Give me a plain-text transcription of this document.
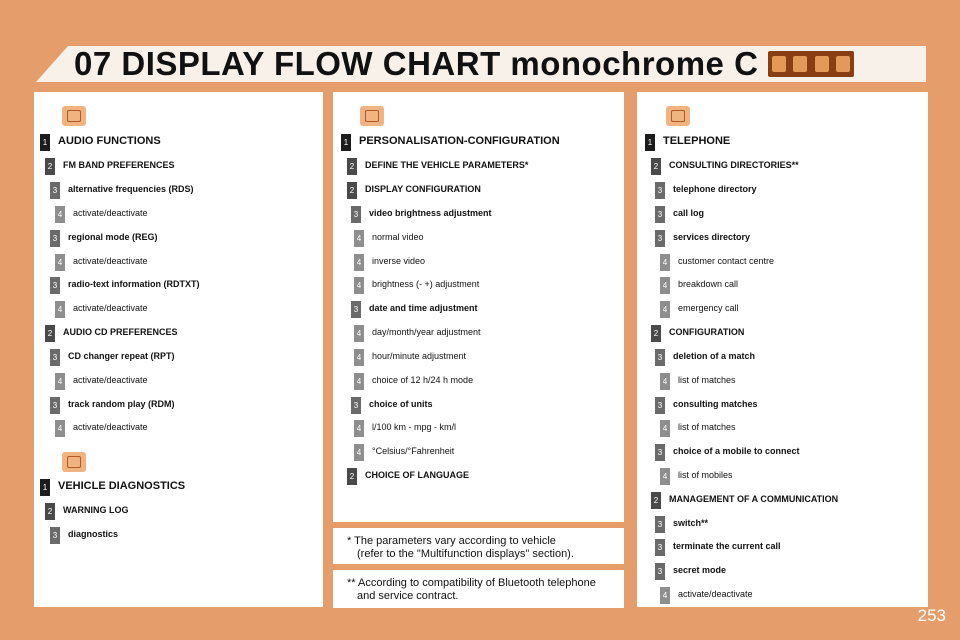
07 DISPLAY FLOW CHART monochrome C
1 AUDIO FUNCTIONS
2	FM BAND PREFERENCES
3	alternative frequencies (RDS)
4	activate/deactivate
3	regional mode (REG)
4	activate/deactivate
3	radio-text information (RDTXT)
4	activate/deactivate
2	AUDIO CD PREFERENCES
3	CD changer repeat (RPT)
4	activate/deactivate
3	track random play (RDM)
4	activate/deactivate
1 VEHICLE DIAGNOSTICS
2	WARNING LOG
3	diagnostics
1 PERSONALISATION-CONFIGURATION
2	DEFINE THE VEHICLE PARAMETERS*
2	DISPLAY CONFIGURATION
3	video brightness adjustment
4	normal video
4	inverse video
4	brightness (- +) adjustment
3	date and time adjustment
4	day/month/year adjustment
4	hour/minute adjustment
4	choice of 12 h/24 h mode
3	choice of units
4	l/100 km - mpg - km/l
4	°Celsius/°Fahrenheit
2	CHOICE OF LANGUAGE
* The parameters vary according to vehicle
(refer to the "Multifunction displays" section).
** According to compatibility of Bluetooth telephone
and service contract.
1 TELEPHONE
2	CONSULTING DIRECTORIES**
3	telephone directory
3	call log
3	services directory
4	customer contact centre
4	breakdown call
4	emergency call
2	CONFIGURATION
3	deletion of a match
4	list of matches
3	consulting matches
4	list of matches
3	choice of a mobile to connect
4	list of mobiles
2	MANAGEMENT OF A COMMUNICATION
3	switch**
3	terminate the current call
3	secret mode
4	activate/deactivate
253
